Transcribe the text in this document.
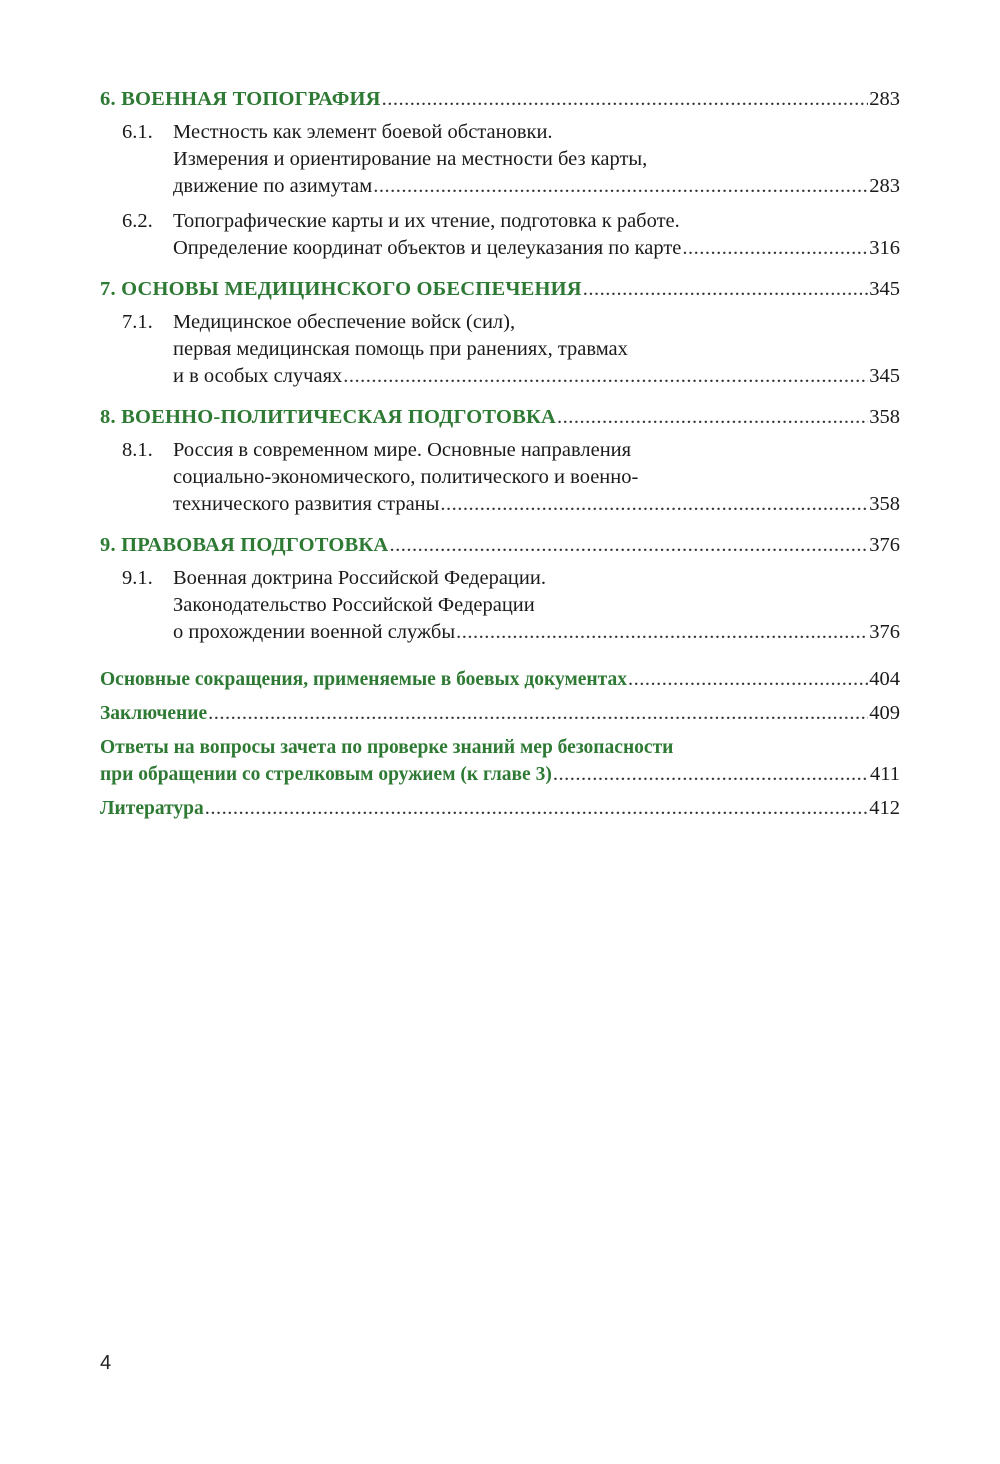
6. ВОЕННАЯ ТОПОГРАФИЯ .....	283
6.1. Местность как элемент боевой обстановки.
Измерения и ориентирование на местности без карты,
движение по азимутам .....	283
6.2. Топографические карты и их чтение, подготовка к работе.
Определение координат объектов и целеуказания по карте .....	316
7. ОСНОВЫ МЕДИЦИНСКОГО ОБЕСПЕЧЕНИЯ .....	345
7.1. Медицинское обеспечение войск (сил),
первая медицинская помощь при ранениях, травмах
и в особых случаях .....	345
8. ВОЕННО-ПОЛИТИЧЕСКАЯ ПОДГОТОВКА .....	358
8.1. Россия в современном мире. Основные направления
социально-экономического, политического и военно-
технического развития страны .....	358
9. ПРАВОВАЯ ПОДГОТОВКА .....	376
9.1. Военная доктрина Российской Федерации.
Законодательство Российской Федерации
о прохождении военной службы .....	376
Основные сокращения, применяемые в боевых документах .....	404
Заключение .....	409
Ответы на вопросы зачета по проверке знаний мер безопасности
при обращении со стрелковым оружием (к главе 3) .....	411
Литература .....	412
4
